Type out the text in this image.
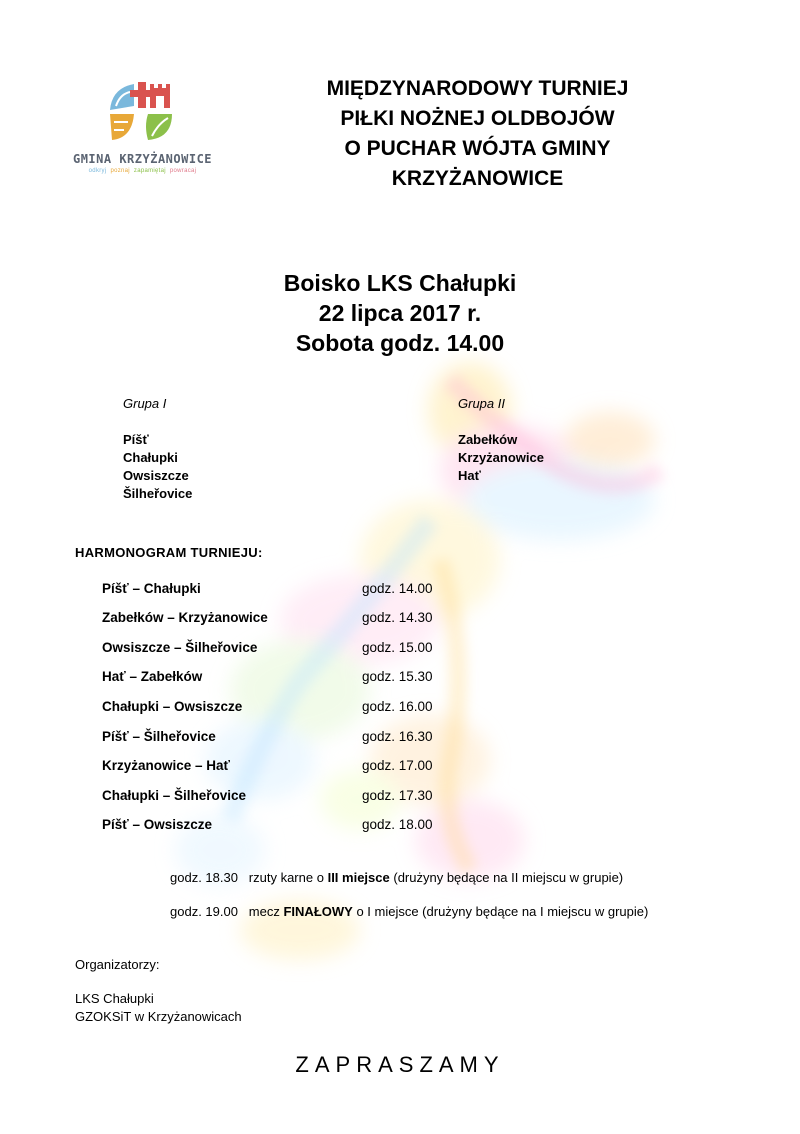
GMINA KRZYŻANOWICE
odkryj poznaj zapamiętaj powracaj
MIĘDZYNARODOWY TURNIEJ
PIŁKI NOŻNEJ OLDBOJÓW
O PUCHAR WÓJTA GMINY
KRZYŻANOWICE
Boisko LKS Chałupki
22 lipca 2017 r.
Sobota godz. 14.00
Grupa I
Píšť
Chałupki
Owsiszcze
Šilheřovice
Grupa II
Zabełków
Krzyżanowice
Hať
HARMONOGRAM TURNIEJU:
Píšť – Chałupki	godz. 14.00
Zabełków – Krzyżanowice	godz. 14.30
Owsiszcze – Šilheřovice	godz. 15.00
Hať – Zabełków	godz. 15.30
Chałupki – Owsiszcze	godz. 16.00
Píšť – Šilheřovice	godz. 16.30
Krzyżanowice – Hať	godz. 17.00
Chałupki – Šilheřovice	godz. 17.30
Píšť – Owsiszcze	godz. 18.00
godz. 18.30 rzuty karne o III miejsce (drużyny będące na II miejscu w grupie)
godz. 19.00 mecz FINAŁOWY o I miejsce (drużyny będące na I miejscu w grupie)
Organizatorzy:
LKS Chałupki
GZOKSiT w Krzyżanowicach
ZAPRASZAMY
